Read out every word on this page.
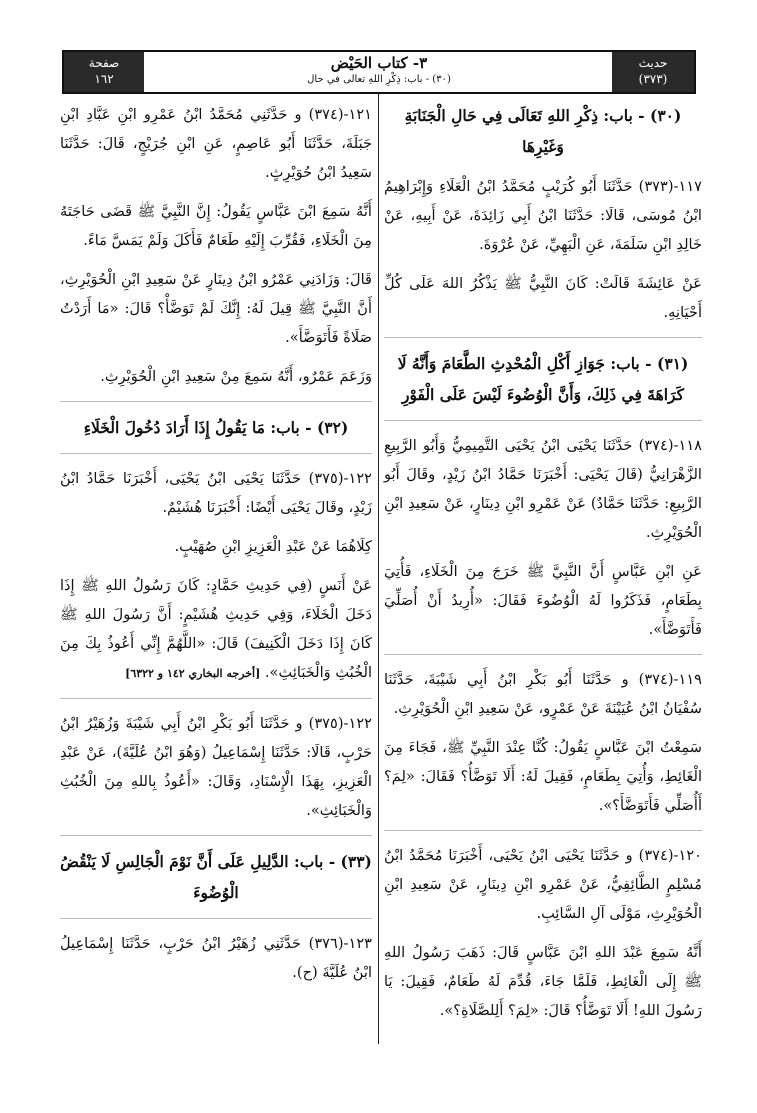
حديث
(٣٧٣)
٣- كتاب الحَيْض
(٣٠) - باب: ذِكْرِ اللهِ تعالى في حال
صفحة
١٦٢
(٣٠) - باب: ذِكْرِ اللهِ تَعَالَى فِي حَالِ الْجَنَابَةِ وَغَيْرِهَا

١١٧-(٣٧٣) حَدَّثَنَا أَبُو كُرَيْبٍ مُحَمَّدُ ابْنُ الْعَلَاءِ وَإِبْرَاهِيمُ ابْنُ مُوسَى، قَالَا: حَدَّثَنَا ابْنُ أَبِي زَائِدَةَ، عَنْ أَبِيهِ، عَنْ خَالِدِ ابْنِ سَلَمَةَ، عَنِ الْبَهِيِّ، عَنْ عُرْوَةَ.

عَنْ عَائِشَةَ قَالَتْ: كَانَ النَّبِيُّ ﷺ يَذْكُرُ اللهَ عَلَى كُلِّ أَحْيَانِهِ.

(٣١) - باب: جَوَازِ أَكْلِ الْمُحْدِثِ الطَّعَامَ وَأَنَّهُ لَا كَرَاهَةَ فِي ذَلِكَ، وَأَنَّ الْوُضُوءَ لَيْسَ عَلَى الْفَوْرِ

١١٨-(٣٧٤) حَدَّثَنَا يَحْيَى ابْنُ يَحْيَى التَّمِيمِيُّ وَأَبُو الرَّبِيعِ الزَّهْرَانِيُّ (قَالَ يَحْيَى: أَخْبَرَنَا حَمَّادُ ابْنُ زَيْدٍ، وقَالَ أَبُو الرَّبِيعِ: حَدَّثَنَا حَمَّادٌ) عَنْ عَمْرِو ابْنِ دِينَارٍ، عَنْ سَعِيدِ ابْنِ الْحُوَيْرِثِ.

عَنِ ابْنِ عَبَّاسٍ أَنَّ النَّبِيَّ ﷺ خَرَجَ مِنَ الْخَلَاءِ، فَأُتِيَ بِطَعَامٍ، فَذَكَرُوا لَهُ الْوُضُوءَ فَقَالَ: «أُرِيدُ أَنْ أُصَلِّيَ فَأَتَوَضَّأَ».

١١٩-(٣٧٤) و حَدَّثَنَا أَبُو بَكْرِ ابْنُ أَبِي شَيْبَةَ، حَدَّثَنَا سُفْيَانُ ابْنُ عُيَيْنَةَ عَنْ عَمْرٍو، عَنْ سَعِيدِ ابْنِ الْحُوَيْرِثِ.

سَمِعْتُ ابْنَ عَبَّاسٍ يَقُولُ: كُنَّا عِنْدَ النَّبِيِّ ﷺ، فَجَاءَ مِنَ الْغَائِطِ، وَأُتِيَ بِطَعَامٍ، فَقِيلَ لَهُ: أَلَا تَوَضَّأُ؟ فَقَالَ: «لِمَ؟ أَأُصَلِّي فَأَتَوَضَّأَ؟».

١٢٠-(٣٧٤) و حَدَّثَنَا يَحْيَى ابْنُ يَحْيَى، أَخْبَرَنَا مُحَمَّدُ ابْنُ مُسْلِمٍ الطَّائِفِيُّ، عَنْ عَمْرِو ابْنِ دِينَارٍ، عَنْ سَعِيدِ ابْنِ الْحُوَيْرِثِ، مَوْلَى آلِ السَّائِبِ.

أَنَّهُ سَمِعَ عَبْدَ اللهِ ابْنَ عَبَّاسٍ قَالَ: ذَهَبَ رَسُولُ اللهِ ﷺ إِلَى الْغَائِطِ، فَلَمَّا جَاءَ، قُدِّمَ لَهُ طَعَامٌ، فَقِيلَ: يَا رَسُولَ اللهِ! أَلَا تَوَضَّأُ؟ قَالَ: «لِمَ؟ أَلِلصَّلَاةِ؟».

١٢١-(٣٧٤) و حَدَّثَنِي مُحَمَّدُ ابْنُ عَمْرِو ابْنِ عَبَّادِ ابْنِ جَبَلَةَ، حَدَّثَنَا أَبُو عَاصِمٍ، عَنِ ابْنِ جُرَيْجٍ، قَالَ: حَدَّثَنَا سَعِيدُ ابْنُ حُوَيْرِثٍ.

أَنَّهُ سَمِعَ ابْنَ عَبَّاسٍ يَقُولُ: إِنَّ النَّبِيَّ ﷺ قَضَى حَاجَتَهُ مِنَ الْخَلَاءِ، فَقُرِّبَ إِلَيْهِ طَعَامٌ فَأَكَلَ وَلَمْ يَمَسَّ مَاءً.

قَالَ: وَزَادَنِي عَمْرُو ابْنُ دِينَارٍ عَنْ سَعِيدِ ابْنِ الْحُوَيْرِثِ، أَنَّ النَّبِيَّ ﷺ قِيلَ لَهُ: إِنَّكَ لَمْ تَوَضَّأْ؟ قَالَ: «مَا أَرَدْتُ صَلَاةً فَأَتَوَضَّأَ».

وَزَعَمَ عَمْرٌو، أَنَّهُ سَمِعَ مِنْ سَعِيدِ ابْنِ الْحُوَيْرِثِ.

(٣٢) - باب: مَا يَقُولُ إِذَا أَرَادَ دُخُولَ الْخَلَاءِ

١٢٢-(٣٧٥) حَدَّثَنَا يَحْيَى ابْنُ يَحْيَى، أَخْبَرَنَا حَمَّادُ ابْنُ زَيْدٍ، وقَالَ يَحْيَى أَيْضًا: أَخْبَرَنَا هُشَيْمٌ.

كِلَاهُمَا عَنْ عَبْدِ الْعَزِيزِ ابْنِ صُهَيْبٍ.

عَنْ أَنَسٍ (فِي حَدِيثِ حَمَّادٍ: كَانَ رَسُولُ اللهِ ﷺ إِذَا دَخَلَ الْخَلَاءَ، وَفِي حَدِيثِ هُشَيْمٍ: أَنَّ رَسُولَ اللهِ ﷺ كَانَ إِذَا دَخَلَ الْكَنِيفَ) قَالَ: «اللَّهُمَّ إِنِّي أَعُوذُ بِكَ مِنَ الْخُبُثِ وَالْخَبَائِثِ». [أخرجه البخاري ١٤٢ و ٦٣٢٢]

١٢٢-(٣٧٥) و حَدَّثَنَا أَبُو بَكْرِ ابْنُ أَبِي شَيْبَةَ وَزُهَيْرُ ابْنُ حَرْبٍ، قَالَا: حَدَّثَنَا إِسْمَاعِيلُ (وَهُوَ ابْنُ عُلَيَّةَ)، عَنْ عَبْدِ الْعَزِيزِ، بِهَذَا الْإِسْنَادِ، وَقَالَ: «أَعُوذُ بِاللهِ مِنَ الْخُبُثِ وَالْخَبَائِثِ».

(٣٣) - باب: الدَّلِيلِ عَلَى أَنَّ نَوْمَ الْجَالِسِ لَا يَنْقُضُ الْوُضُوءَ

١٢٣-(٣٧٦) حَدَّثَنِي زُهَيْرُ ابْنُ حَرْبٍ، حَدَّثَنَا إِسْمَاعِيلُ ابْنُ عُلَيَّةَ (ح).
